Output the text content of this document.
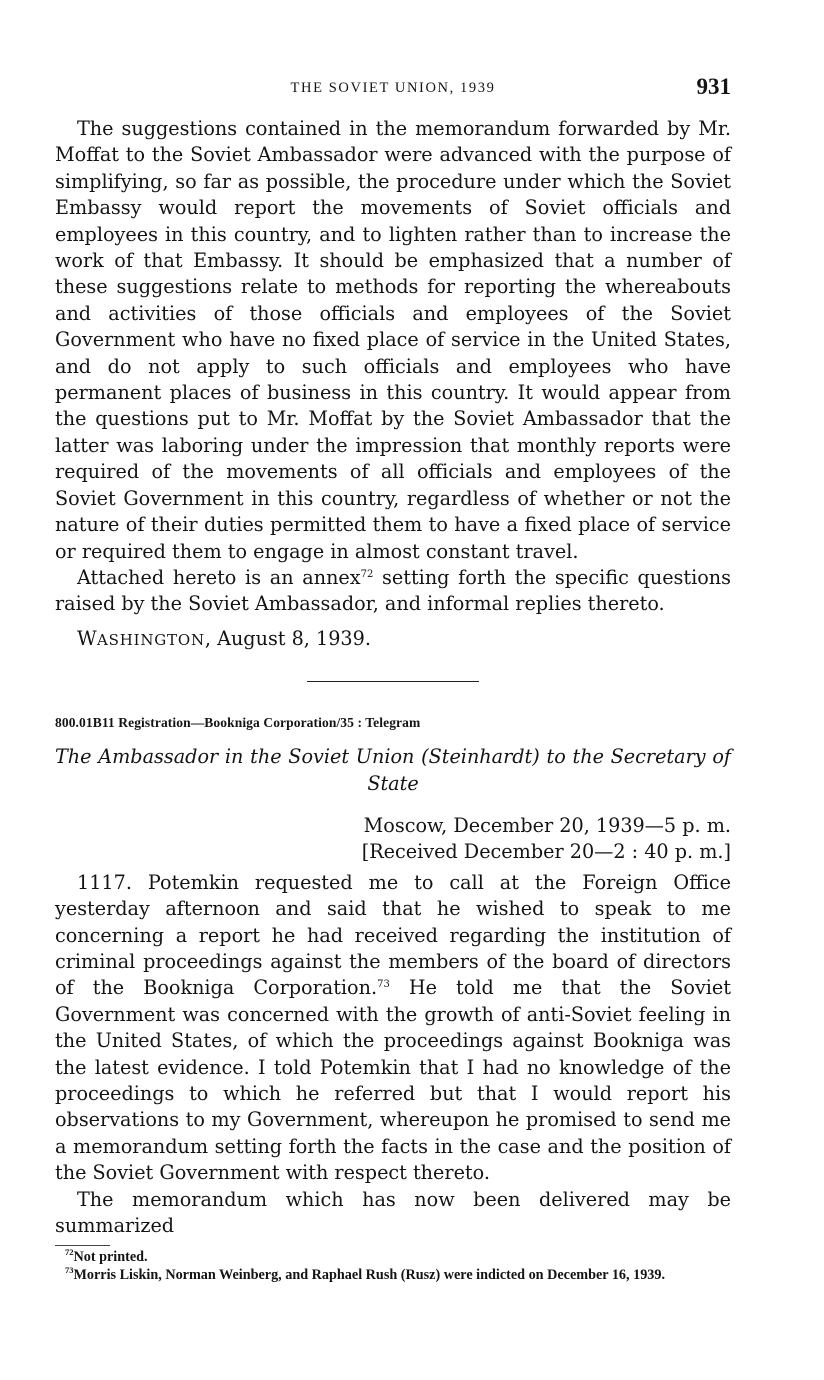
THE SOVIET UNION, 1939	931

The suggestions contained in the memorandum forwarded by Mr. Moffat to the Soviet Ambassador were advanced with the purpose of simplifying, so far as possible, the procedure under which the Soviet Embassy would report the movements of Soviet officials and employees in this country, and to lighten rather than to increase the work of that Embassy. It should be emphasized that a number of these suggestions relate to methods for reporting the whereabouts and activities of those officials and employees of the Soviet Government who have no fixed place of service in the United States, and do not apply to such officials and employees who have permanent places of business in this country. It would appear from the questions put to Mr. Moffat by the Soviet Ambassador that the latter was laboring under the impression that monthly reports were required of the movements of all officials and employees of the Soviet Government in this country, regardless of whether or not the nature of their duties permitted them to have a fixed place of service or required them to engage in almost constant travel.

Attached hereto is an annex$^{72}$ setting forth the specific questions raised by the Soviet Ambassador, and informal replies thereto.

WASHINGTON, August 8, 1939.
800.01B11 Registration—Bookniga Corporation/35 : Telegram
The Ambassador in the Soviet Union (Steinhardt) to the Secretary of State
Moscow, December 20, 1939—5 p. m.
[Received December 20—2 : 40 p. m.]

1117. Potemkin requested me to call at the Foreign Office yesterday afternoon and said that he wished to speak to me concerning a report he had received regarding the institution of criminal proceedings against the members of the board of directors of the Bookniga Corporation.$^{73}$ He told me that the Soviet Government was concerned with the growth of anti-Soviet feeling in the United States, of which the proceedings against Bookniga was the latest evidence. I told Potemkin that I had no knowledge of the proceedings to which he referred but that I would report his observations to my Government, whereupon he promised to send me a memorandum setting forth the facts in the case and the position of the Soviet Government with respect thereto.

The memorandum which has now been delivered may be summarized

$^{72}$Not printed.

$^{73}$Morris Liskin, Norman Weinberg, and Raphael Rush (Rusz) were indicted on December 16, 1939.
